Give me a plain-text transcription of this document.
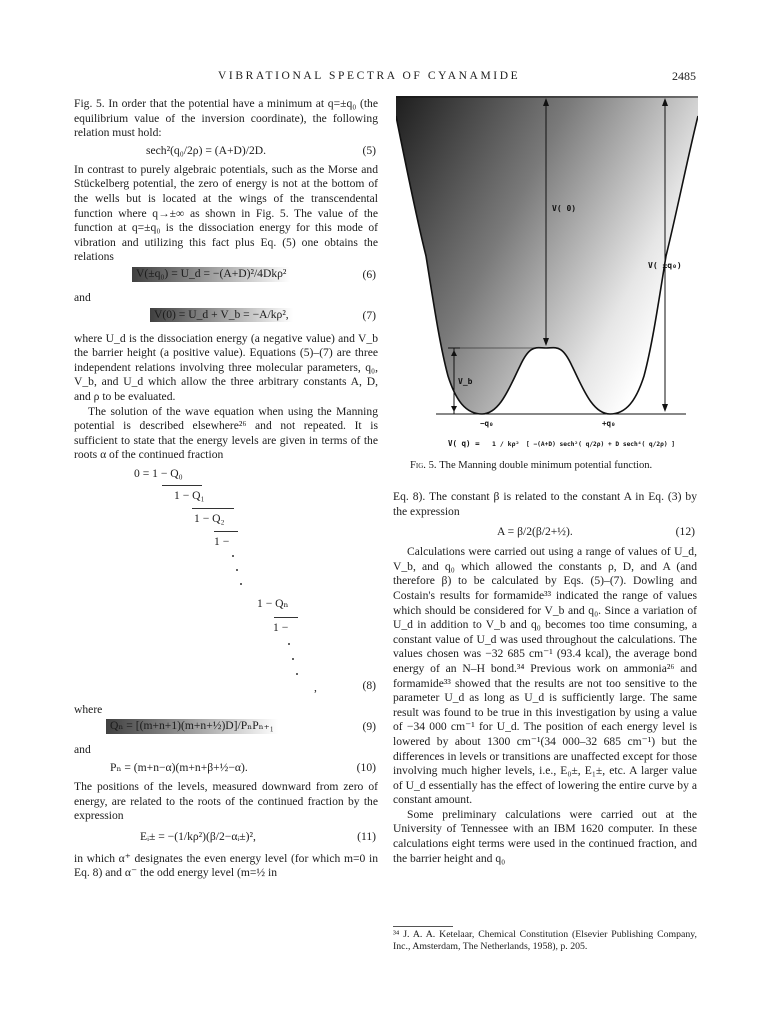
VIBRATIONAL SPECTRA OF CYANAMIDE	2485

Fig. 5. In order that the potential have a minimum at q=±q₀ (the equilibrium value of the inversion coordinate), the following relation must hold:

sech²(q₀/2ρ) = (A+D)/2D.	(5)

In contrast to purely algebraic potentials, such as the Morse and Stückelberg potential, the zero of energy is not at the bottom of the wells but is located at the wings of the transcendental function where q→±∞ as shown in Fig. 5. The value of the function at q=±q₀ is the dissociation energy for this mode of vibration and utilizing this fact plus Eq. (5) one obtains the relations

V(±q₀) = U_d = −(A+D)²/4Dkρ²	(6)

and

V(0) = U_d + V_b = −A/kρ²,	(7)

where U_d is the dissociation energy (a negative value) and V_b the barrier height (a positive value). Equations (5)–(7) are three independent relations involving three molecular parameters, q₀, V_b, and U_d which allow the three arbitrary constants A, D, and ρ to be evaluated.

The solution of the wave equation when using the Manning potential is described elsewhere²⁶ and not repeated. It is sufficient to state that the energy levels are given in terms of the roots α of the continued fraction

0 = 1 − Q₀
1 − Q₁
1 − Q₂
1 −
1 − Qₙ
1 −
,	(8)

where

Qₙ = [(m+n+1)(m+n+½)D]/PₙPₙ₊₁	(9)

and

Pₙ = (m+n−α)(m+n+β+½−α).	(10)

The positions of the levels, measured downward from zero of energy, are related to the roots of the continued fraction by the expression

Eᵢ± = −(1/kρ²)(β/2−αᵢ±)²,	(11)

in which α⁺ designates the even energy level (for which m=0 in Eq. 8) and α⁻ the odd energy level (m=½ in

V( 0)
V( ±q₀)
V_b
−q₀	+q₀
V( q) = 1 / kρ² [ −(A+D) sech²( q/2ρ) + D sech⁴( q/2ρ) ]
Fig. 5. The Manning double minimum potential function.

Eq. 8). The constant β is related to the constant A in Eq. (3) by the expression

A = β/2(β/2+½).	(12)

Calculations were carried out using a range of values of U_d, V_b, and q₀ which allowed the constants ρ, D, and A (and therefore β) to be calculated by Eqs. (5)–(7). Dowling and Costain's results for formamide³³ indicated the range of values which should be considered for V_b and q₀. Since a variation of U_d in addition to V_b and q₀ becomes too time consuming, a constant value of U_d was used throughout the calculations. The values chosen was −32 685 cm⁻¹ (93.4 kcal), the average bond energy of an N–H bond.³⁴ Previous work on ammonia²⁶ and formamide³³ showed that the results are not too sensitive to the parameter U_d as long as U_d is sufficiently large. The same result was found to be true in this investigation by using a value of −34 000 cm⁻¹ for U_d. The position of each energy level is lowered by about 1300 cm⁻¹(34 000–32 685 cm⁻¹) but the differences in levels or transitions are unaffected except for those involving much higher levels, i.e., E₀±, E₁±, etc. A larger value of U_d essentially has the effect of lowering the entire curve by a constant amount.

Some preliminary calculations were carried out at the University of Tennessee with an IBM 1620 computer. In these calculations eight terms were used in the continued fraction, and the barrier height and q₀

³⁴ J. A. A. Ketelaar, Chemical Constitution (Elsevier Publishing Company, Inc., Amsterdam, The Netherlands, 1958), p. 205.
